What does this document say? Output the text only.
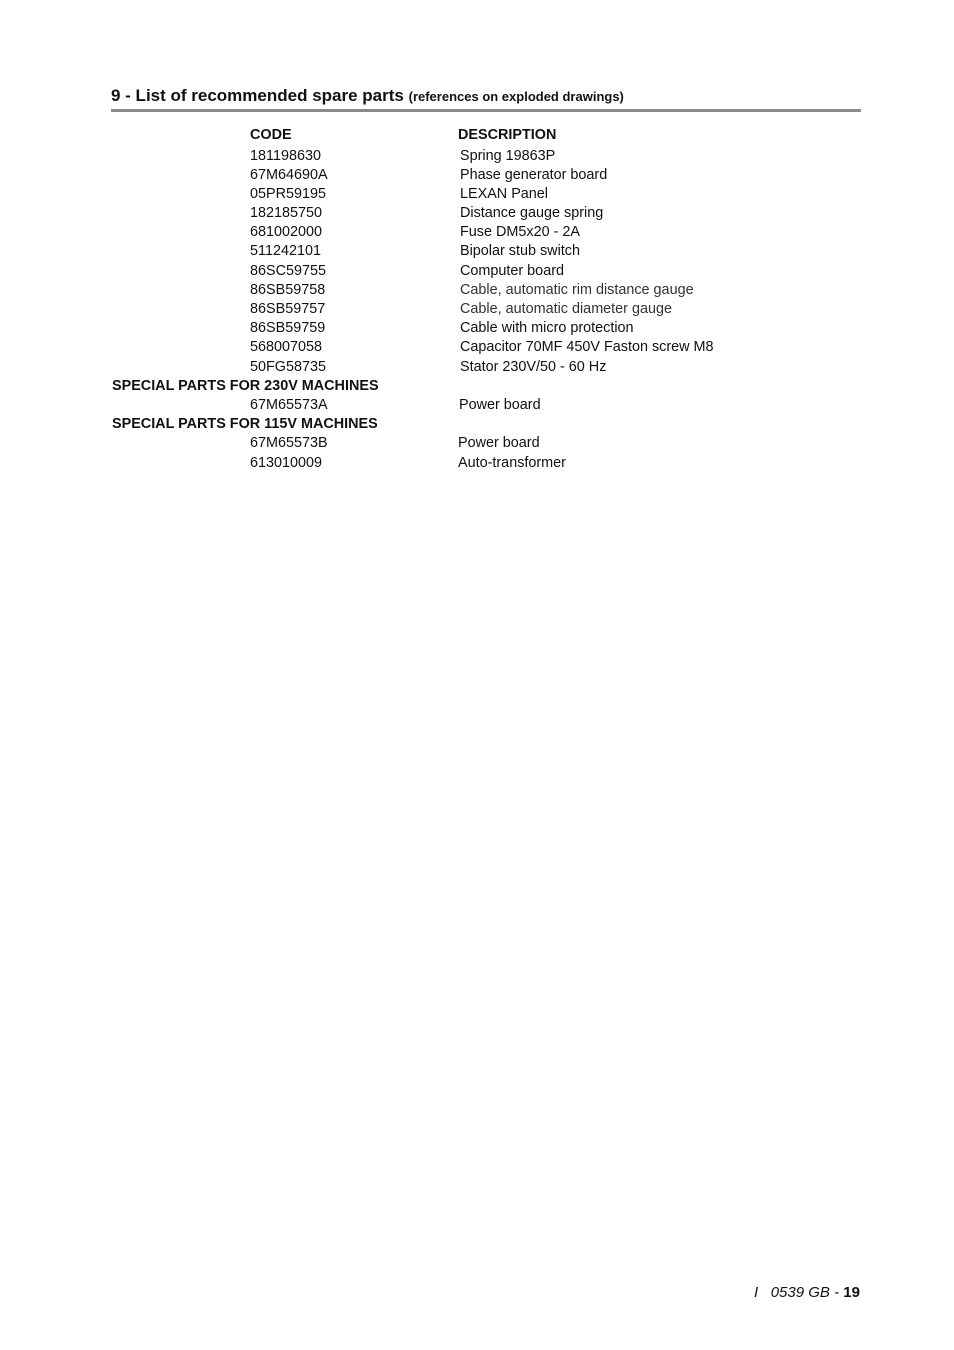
9 - List of recommended spare parts (references on exploded drawings)
CODE	DESCRIPTION
181198630	Spring 19863P
67M64690A	Phase generator board
05PR59195	LEXAN Panel
182185750	Distance gauge spring
681002000	Fuse DM5x20 - 2A
511242101	Bipolar stub switch
86SC59755	Computer board
86SB59758	Cable, automatic rim distance gauge
86SB59757	Cable, automatic diameter gauge
86SB59759	Cable with micro protection
568007058	Capacitor 70MF 450V Faston screw M8
50FG58735	Stator 230V/50 - 60 Hz
SPECIAL PARTS FOR 230V MACHINES
67M65573A	Power board
SPECIAL PARTS FOR 115V MACHINES
67M65573B	Power board
613010009	Auto-transformer
I 0539 GB - 19
